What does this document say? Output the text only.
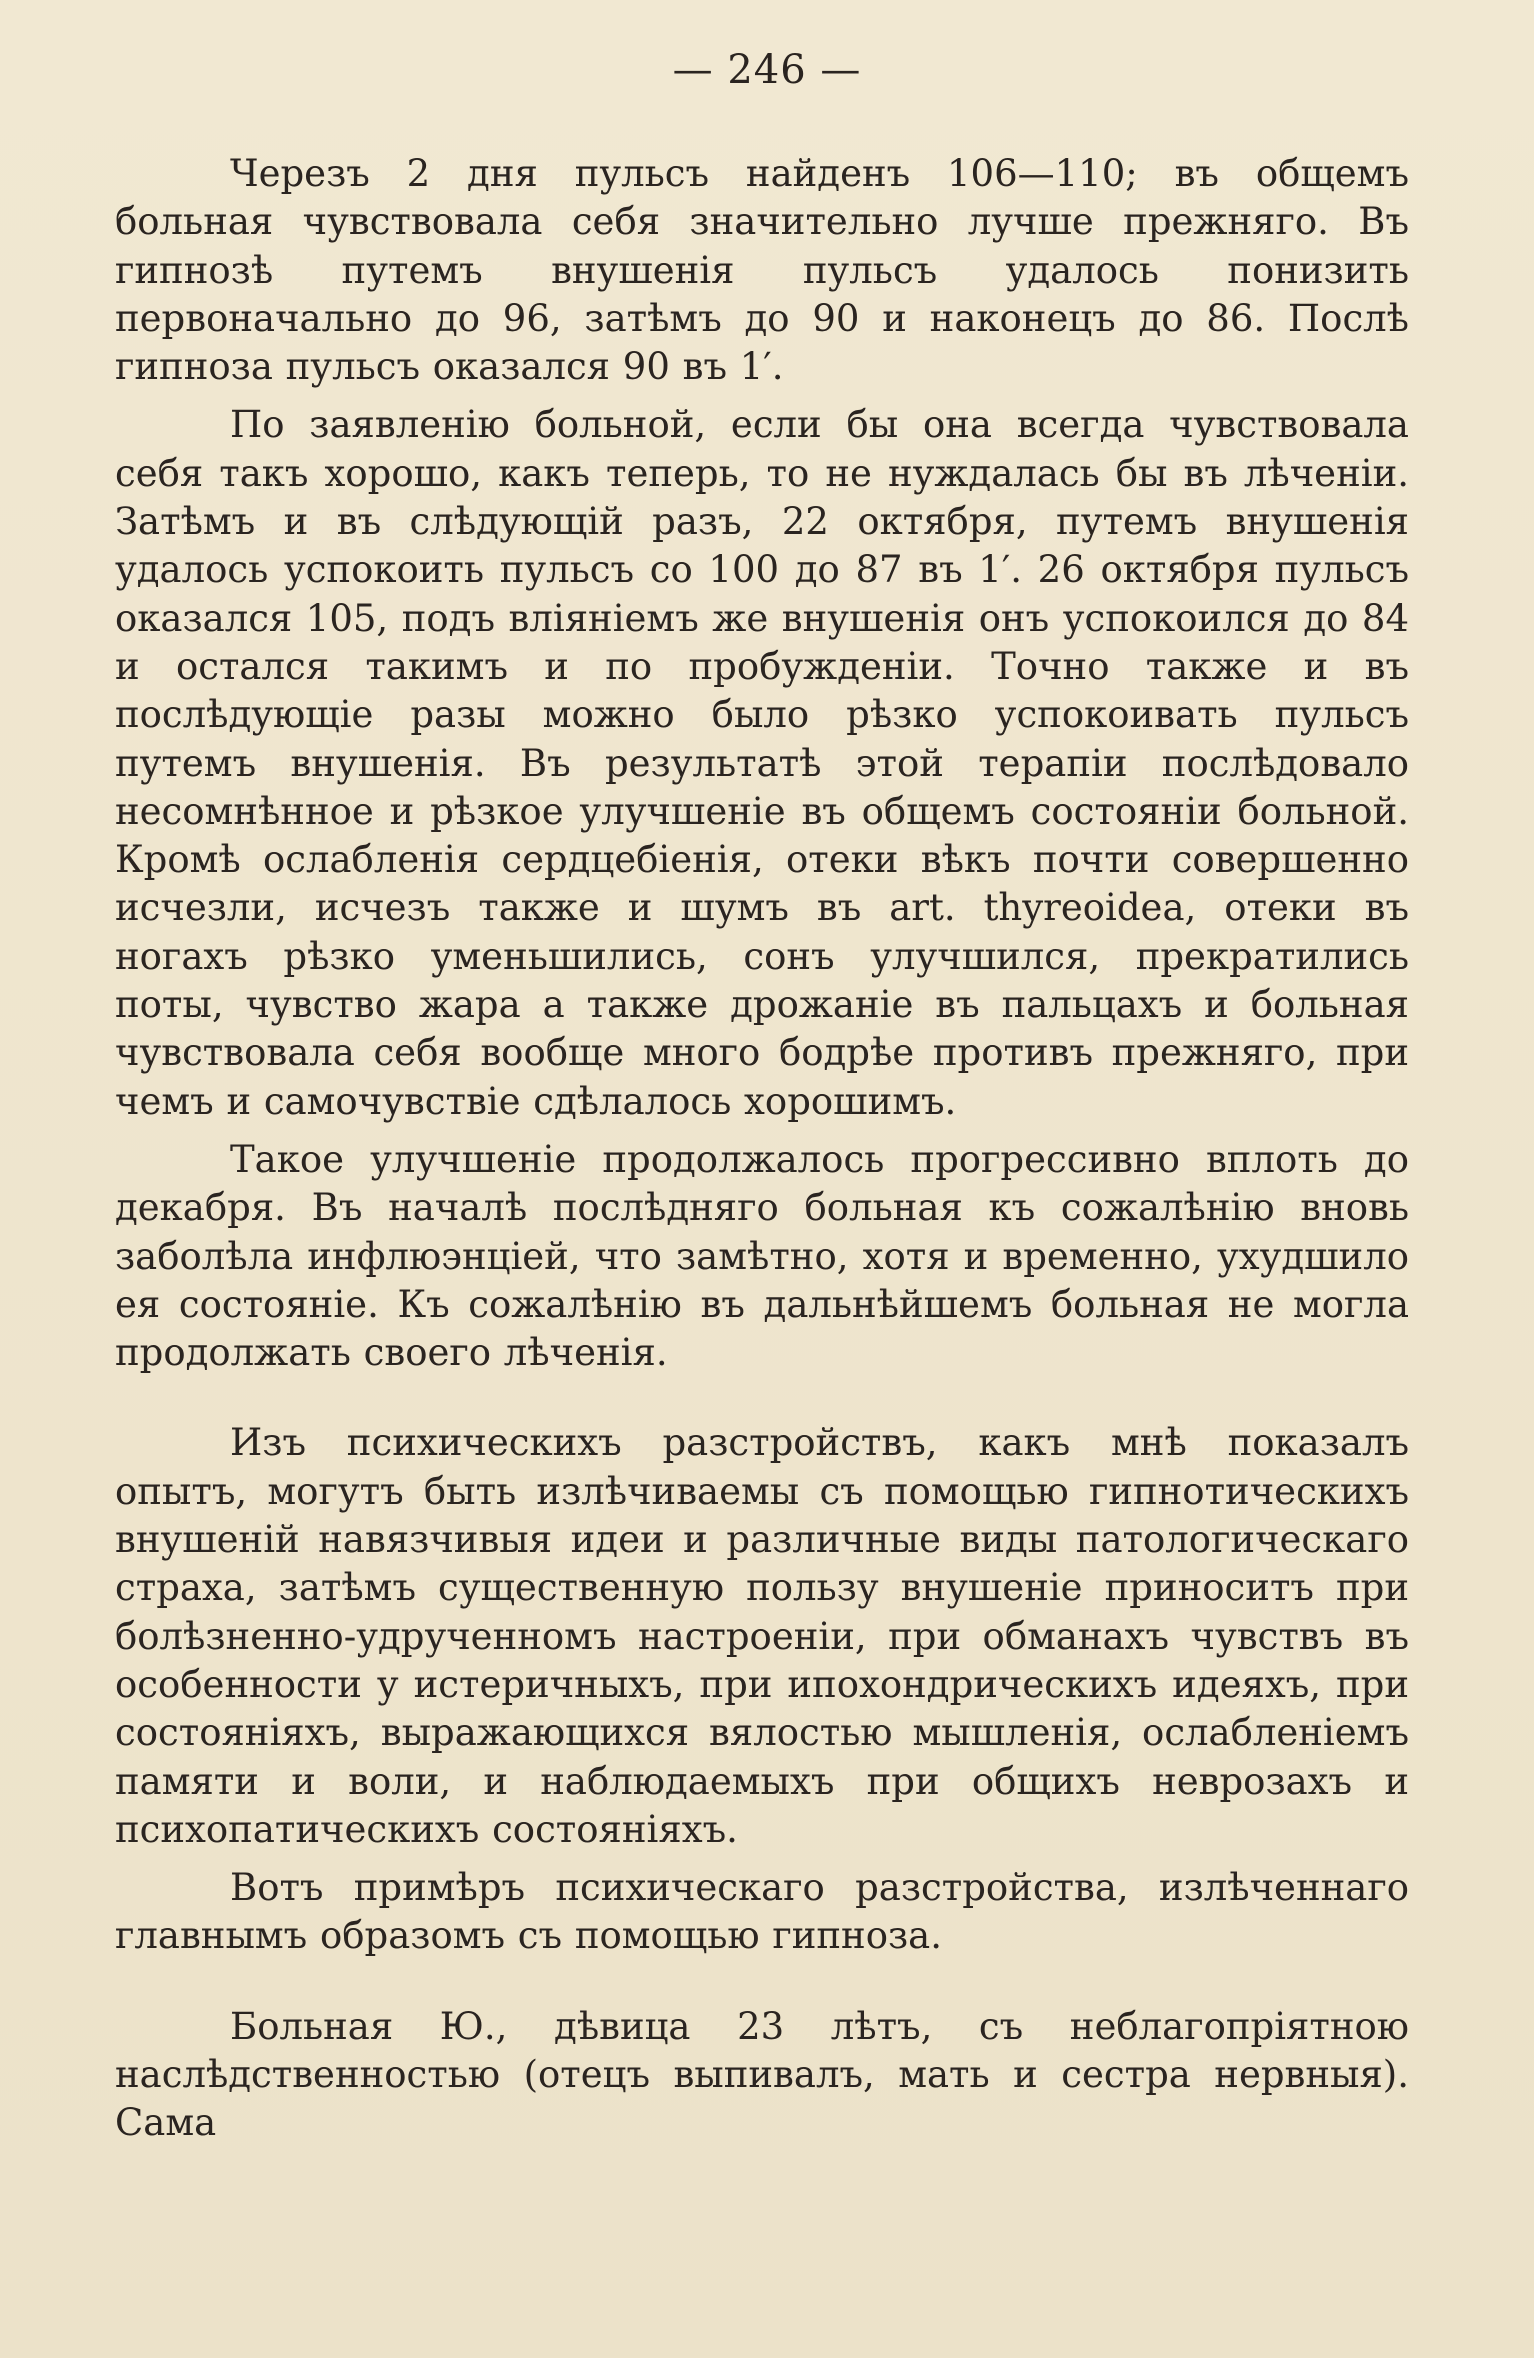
— 246 —

Черезъ 2 дня пульсъ найденъ 106—110; въ общемъ больная чувствовала себя значительно лучше прежняго. Въ гипнозѣ путемъ внушенія пульсъ удалось понизить первоначально до 96, затѣмъ до 90 и наконецъ до 86. Послѣ гипноза пульсъ оказался 90 въ 1′.

По заявленію больной, если бы она всегда чувствовала себя такъ хорошо, какъ теперь, то не нуждалась бы въ лѣченіи. Затѣмъ и въ слѣдующій разъ, 22 октября, путемъ внушенія удалось успокоить пульсъ со 100 до 87 въ 1′. 26 октября пульсъ оказался 105, подъ вліяніемъ же внушенія онъ успокоился до 84 и остался такимъ и по пробужденіи. Точно также и въ послѣдующіе разы можно было рѣзко успокоивать пульсъ путемъ внушенія. Въ результатѣ этой терапіи послѣдовало несомнѣнное и рѣзкое улучшеніе въ общемъ состояніи больной. Кромѣ ослабленія сердцебіенія, отеки вѣкъ почти совершенно исчезли, исчезъ также и шумъ въ art. thyreoidea, отеки въ ногахъ рѣзко уменьшились, сонъ улучшился, прекратились поты, чувство жара а также дрожаніе въ пальцахъ и больная чувствовала себя вообще много бодрѣе противъ прежняго, при чемъ и самочувствіе сдѣлалось хорошимъ.

Такое улучшеніе продолжалось прогрессивно вплоть до декабря. Въ началѣ послѣдняго больная къ сожалѣнію вновь заболѣла инфлюэнціей, что замѣтно, хотя и временно, ухудшило ея состояніе. Къ сожалѣнію въ дальнѣйшемъ больная не могла продолжать своего лѣченія.

Изъ психическихъ разстройствъ, какъ мнѣ показалъ опытъ, могутъ быть излѣчиваемы съ помощью гипнотическихъ внушеній навязчивыя идеи и различные виды патологическаго страха, затѣмъ существенную пользу внушеніе приноситъ при болѣзненно-удрученномъ настроеніи, при обманахъ чувствъ въ особенности у истеричныхъ, при ипохондрическихъ идеяхъ, при состояніяхъ, выражающихся вялостью мышленія, ослабленіемъ памяти и воли, и наблюдаемыхъ при общихъ неврозахъ и психопатическихъ состояніяхъ.

Вотъ примѣръ психическаго разстройства, излѣченнаго главнымъ образомъ съ помощью гипноза.

Больная Ю., дѣвица 23 лѣтъ, съ неблагопріятною наслѣдственностью (отецъ выпивалъ, мать и сестра нервныя). Сама
